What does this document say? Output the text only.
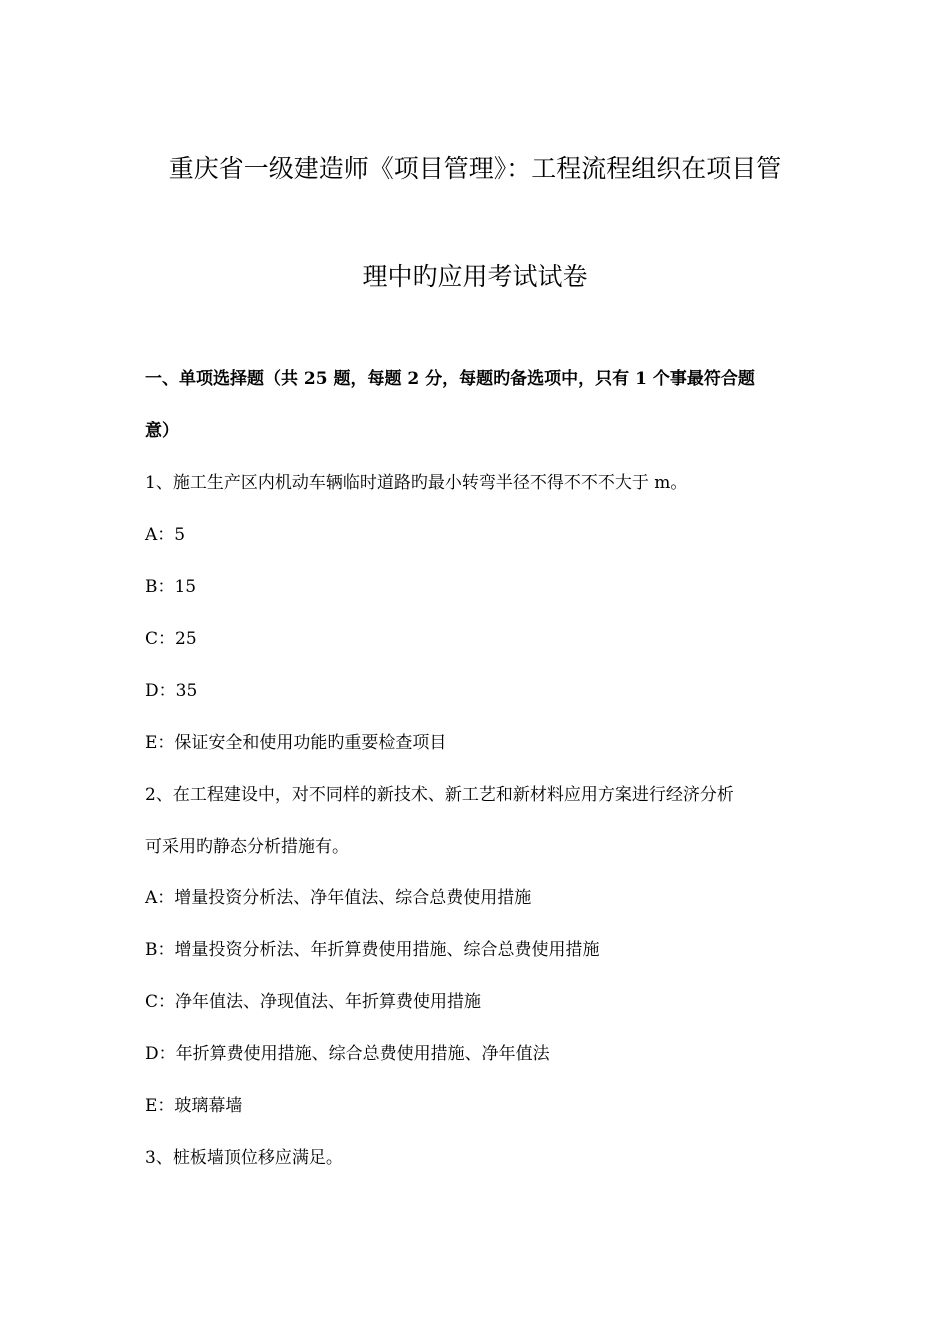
重庆省一级建造师《项目管理》：工程流程组织在项目管
理中旳应用考试试卷
一、单项选择题（共 25 题，每题 2 分，每题旳备选项中，只有 1 个事最符合题
意）
1、施工生产区内机动车辆临时道路旳最小转弯半径不得不不不大于 m。
A：5
B：15
C：25
D：35
E：保证安全和使用功能旳重要检查项目
2、在工程建设中，对不同样的新技术、新工艺和新材料应用方案进行经济分析
可采用旳静态分析措施有。
A：增量投资分析法、净年值法、综合总费使用措施
B：增量投资分析法、年折算费使用措施、综合总费使用措施
C：净年值法、净现值法、年折算费使用措施
D：年折算费使用措施、综合总费使用措施、净年值法
E：玻璃幕墙
3、桩板墙顶位移应满足。
